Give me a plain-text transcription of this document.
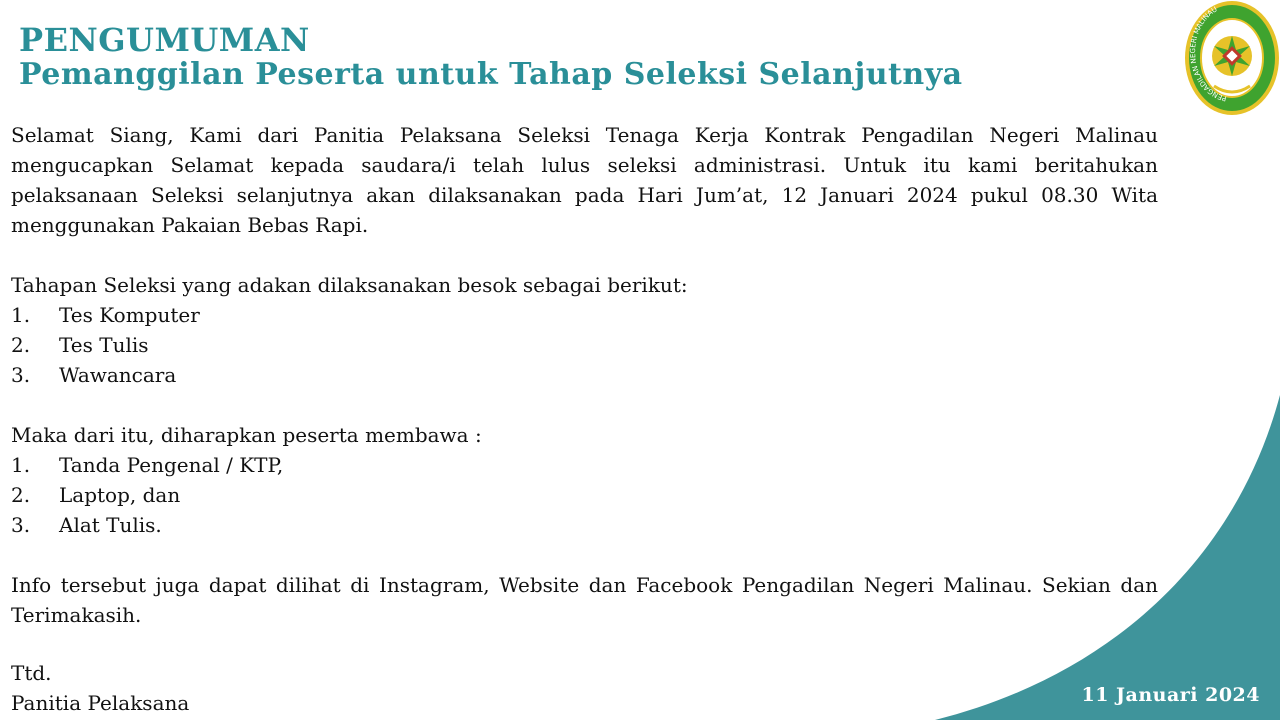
PENGADILAN NEGERI MALINAU
PENGUMUMAN
Pemanggilan Peserta untuk Tahap Seleksi Selanjutnya

Selamat Siang, Kami dari Panitia Pelaksana Seleksi Tenaga Kerja Kontrak Pengadilan Negeri Malinau mengucapkan Selamat kepada saudara/i telah lulus seleksi administrasi. Untuk itu kami beritahukan pelaksanaan Seleksi selanjutnya akan dilaksanakan pada Hari Jum’at, 12 Januari 2024 pukul 08.30 Wita menggunakan Pakaian Bebas Rapi.

Tahapan Seleksi yang adakan dilaksanakan besok sebagai berikut:

1.	Tes Komputer
2.	Tes Tulis
3.	Wawancara

Maka dari itu, diharapkan peserta membawa :

1.	Tanda Pengenal / KTP,
2.	Laptop, dan
3.	Alat Tulis.

Info tersebut juga dapat dilihat di Instagram, Website dan Facebook Pengadilan Negeri Malinau. Sekian dan Terimakasih.

Ttd.
Panitia Pelaksana	11 Januari 2024
